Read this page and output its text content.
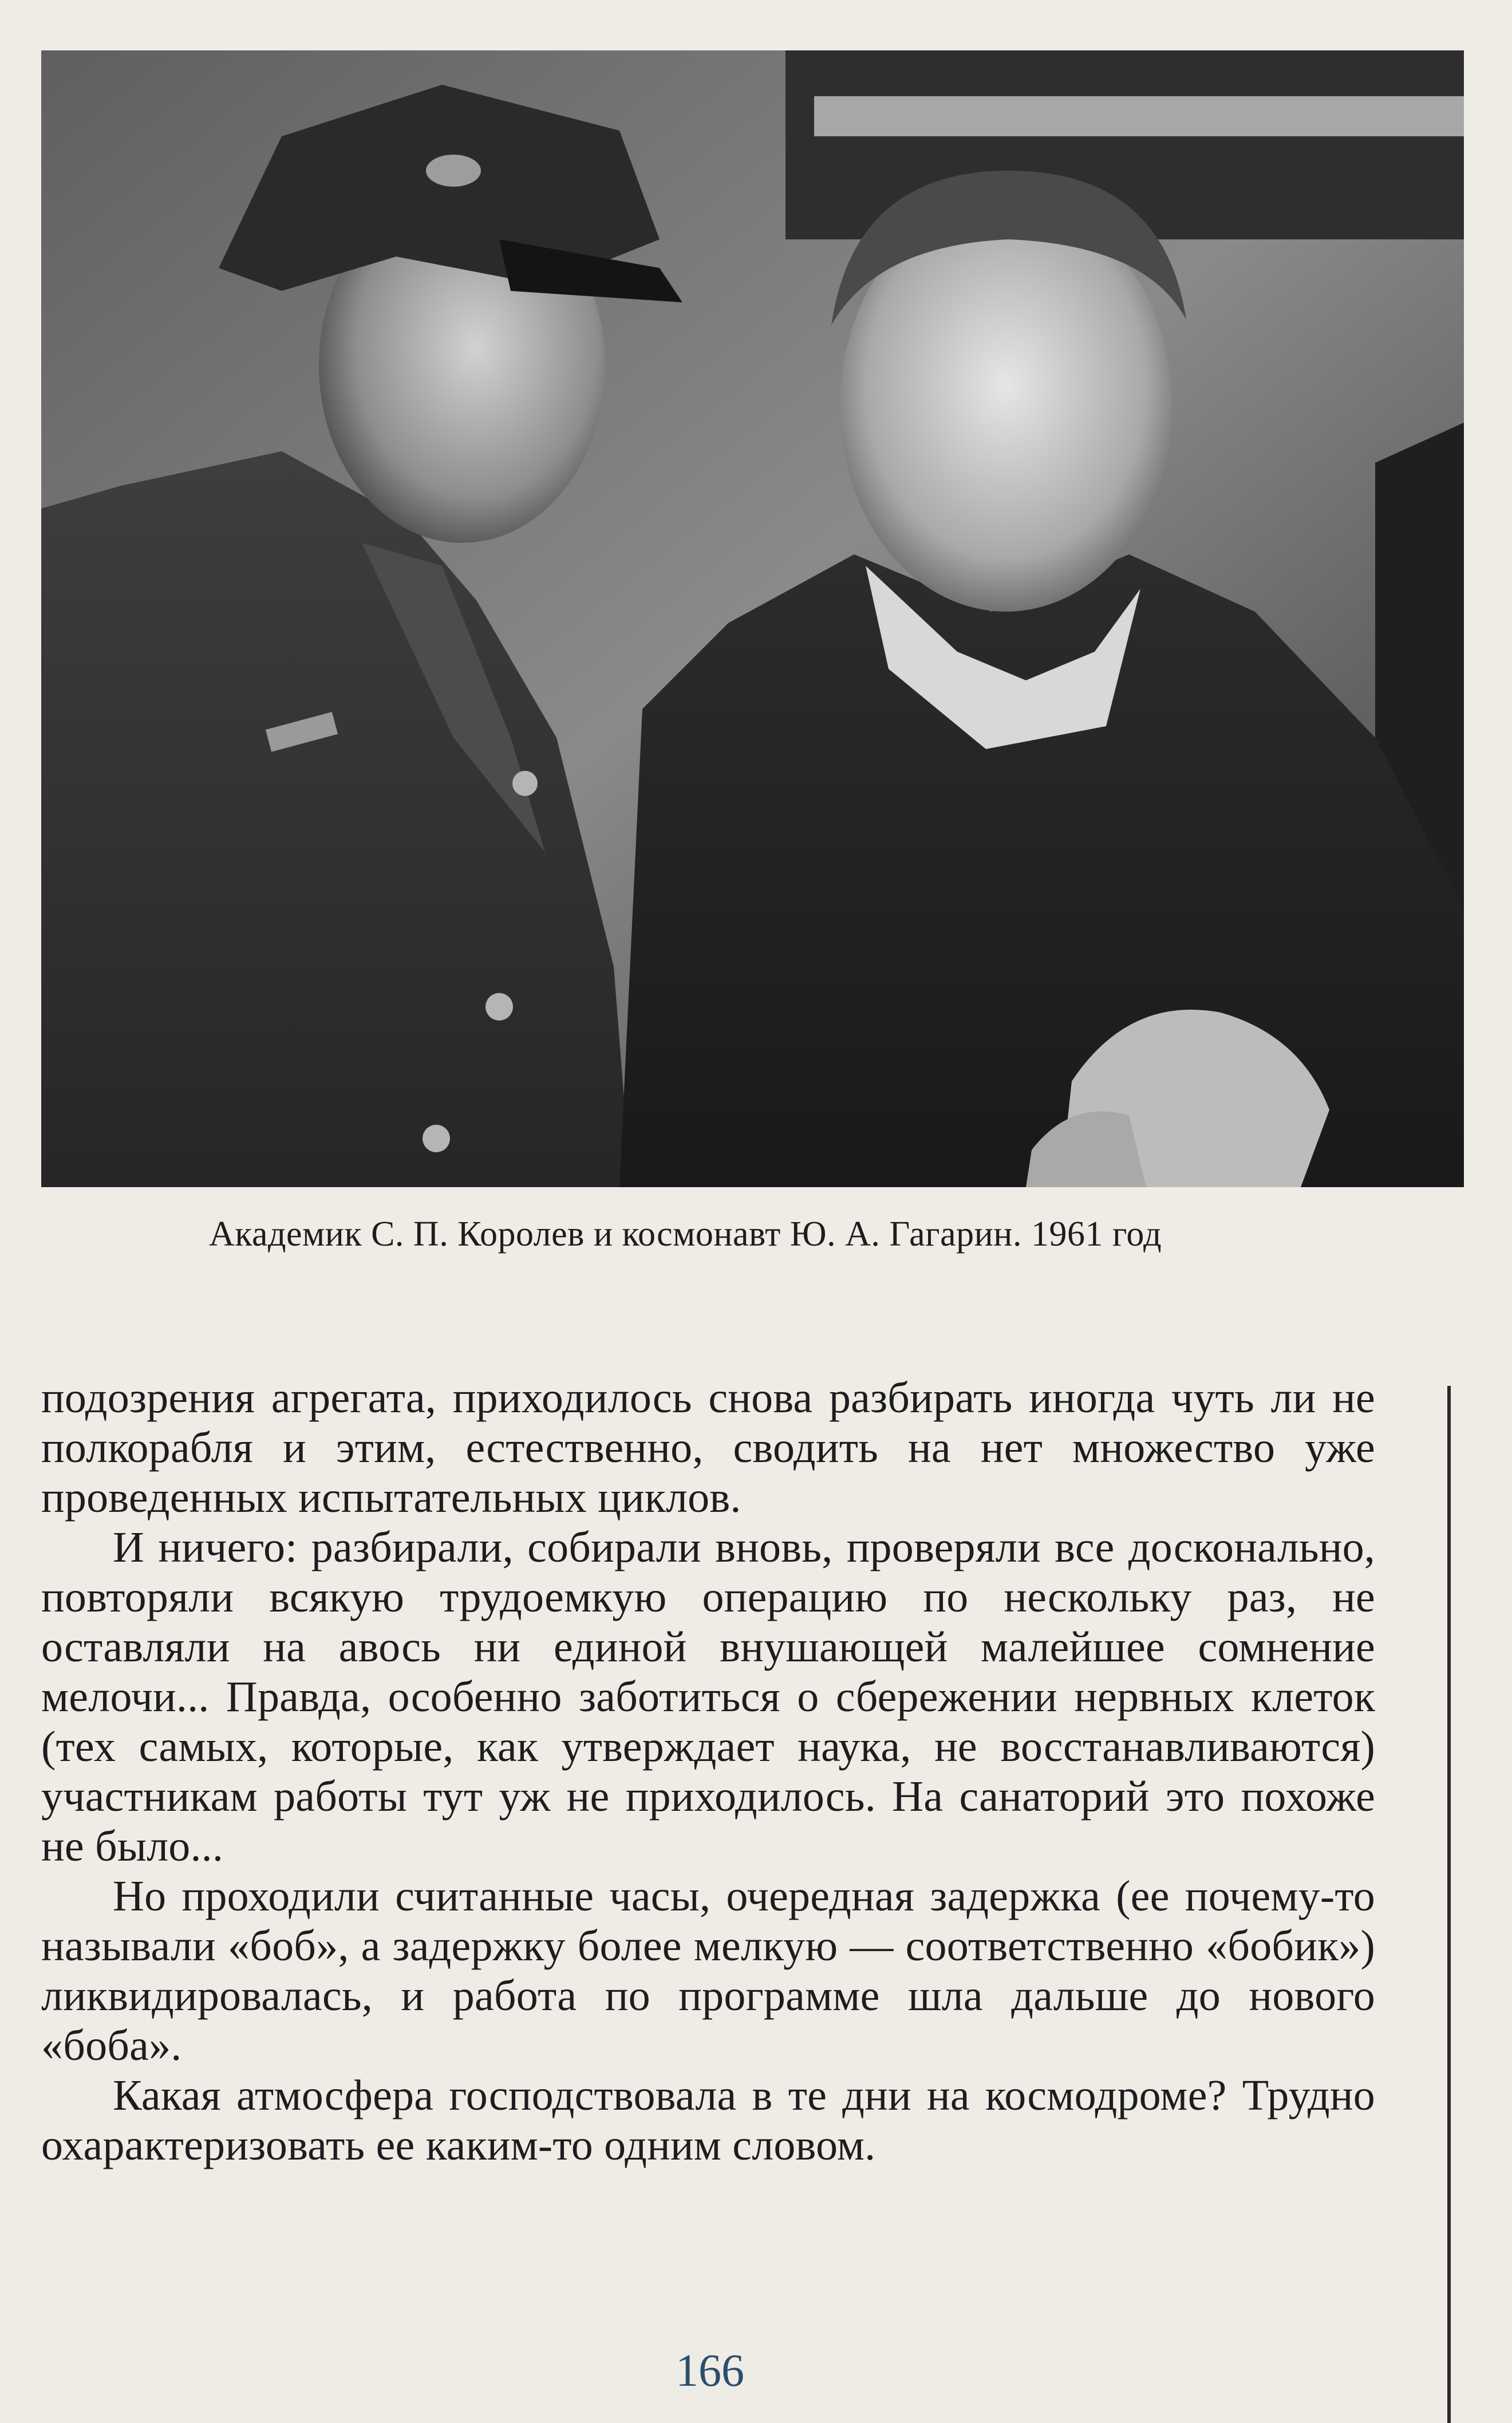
Академик С. П. Королев и космонавт Ю. А. Гагарин. 1961 год

подозрения агрегата, приходилось снова разбирать иногда чуть ли не полкорабля и этим, естественно, сводить на нет множество уже проведенных испытательных циклов.

И ничего: разбирали, собирали вновь, проверяли все досконально, повторяли всякую трудоемкую операцию по нескольку раз, не оставляли на авось ни единой внушающей малейшее сомнение мелочи... Правда, особенно заботиться о сбережении нервных клеток (тех самых, которые, как утверждает наука, не восстанавливаются) участникам работы тут уж не приходилось. На санаторий это похоже не было...

Но проходили считанные часы, очередная задержка (ее почему-то называли «боб», а задержку более мелкую — соответственно «бобик») ликвидировалась, и работа по программе шла дальше до нового «боба».

Какая атмосфера господствовала в те дни на космодроме? Трудно охарактеризовать ее каким-то одним словом.

166
